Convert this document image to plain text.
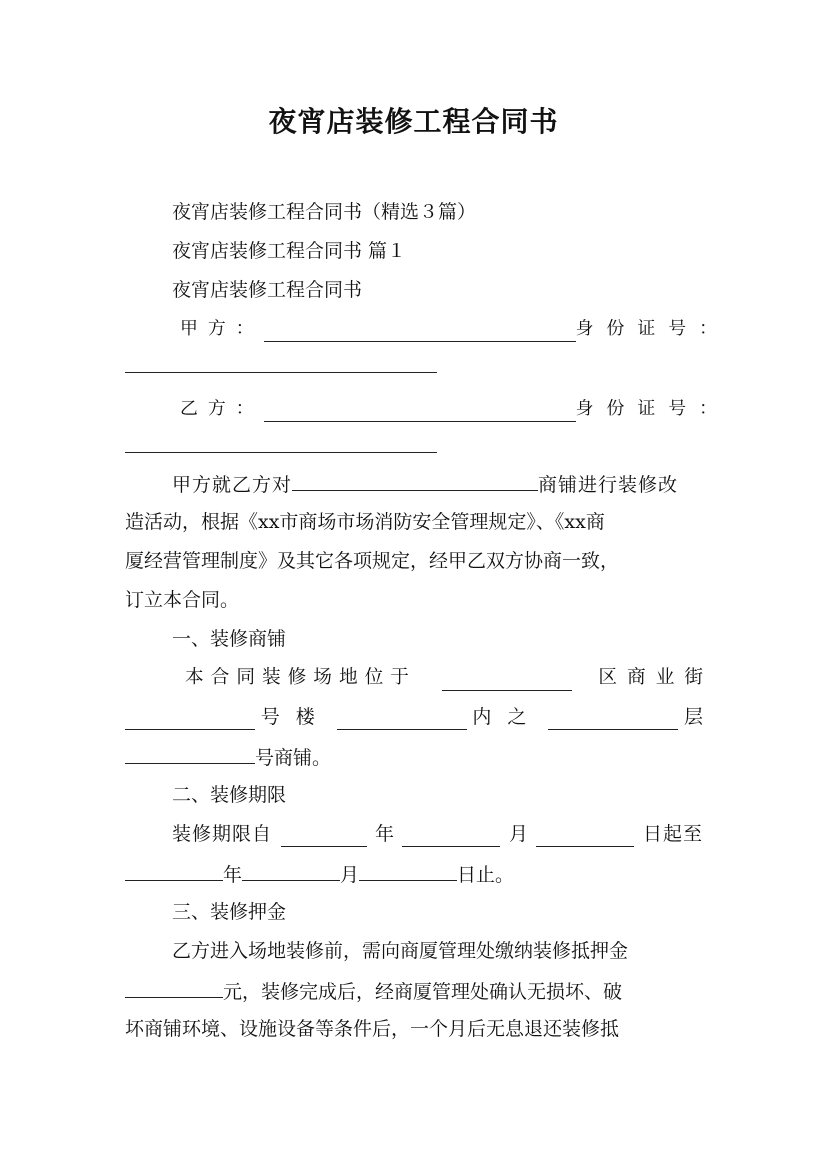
夜宵店装修工程合同书
夜宵店装修工程合同书（精选３篇）
夜宵店装修工程合同书 篇１
夜宵店装修工程合同书
甲方：	身份证号：
乙方：	身份证号：
甲方就乙方对	商铺进行装修改
造活动，根据《xx市商场市场消防安全管理规定》、《xx商
厦经营管理制度》及其它各项规定，经甲乙双方协商一致，
订立本合同。
一、装修商铺
本合同装修场地位于	区商业街
号楼	内之	层
号商铺。
二、装修期限
装修期限自	年	月	日起至
年	月	日止。
三、装修押金
乙方进入场地装修前，需向商厦管理处缴纳装修抵押金
元，装修完成后，经商厦管理处确认无损坏、破
坏商铺环境、设施设备等条件后，一个月后无息退还装修抵
